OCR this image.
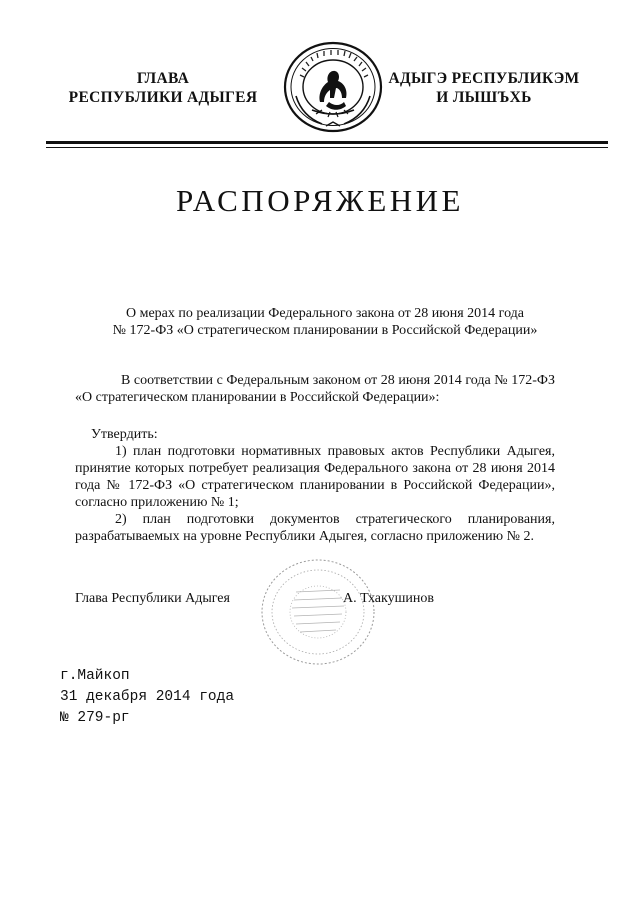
ГЛАВА
РЕСПУБЛИКИ АДЫГЕЯ
АДЫГЭ РЕСПУБЛИКЭМ
И ЛЫШЪХЬ
РАСПОРЯЖЕНИЕ
О мерах по реализации Федерального закона от 28 июня 2014 года
№ 172-ФЗ «О стратегическом планировании в Российской Федерации»
В соответствии с Федеральным законом от 28 июня 2014 года № 172-ФЗ «О стратегическом планировании в Российской Федерации»:
Утвердить:

1) план подготовки нормативных правовых актов Республики Адыгея, принятие которых потребует реализация Федерального закона от 28 июня 2014 года № 172-ФЗ «О стратегическом планировании в Российской Федерации», согласно приложению № 1;

2) план подготовки документов стратегического планирования, разрабатываемых на уровне Республики Адыгея, согласно приложению № 2.

Глава Республики Адыгея	А. Тхакушинов
г.Майкоп
31 декабря 2014 года
№ 279-рг
